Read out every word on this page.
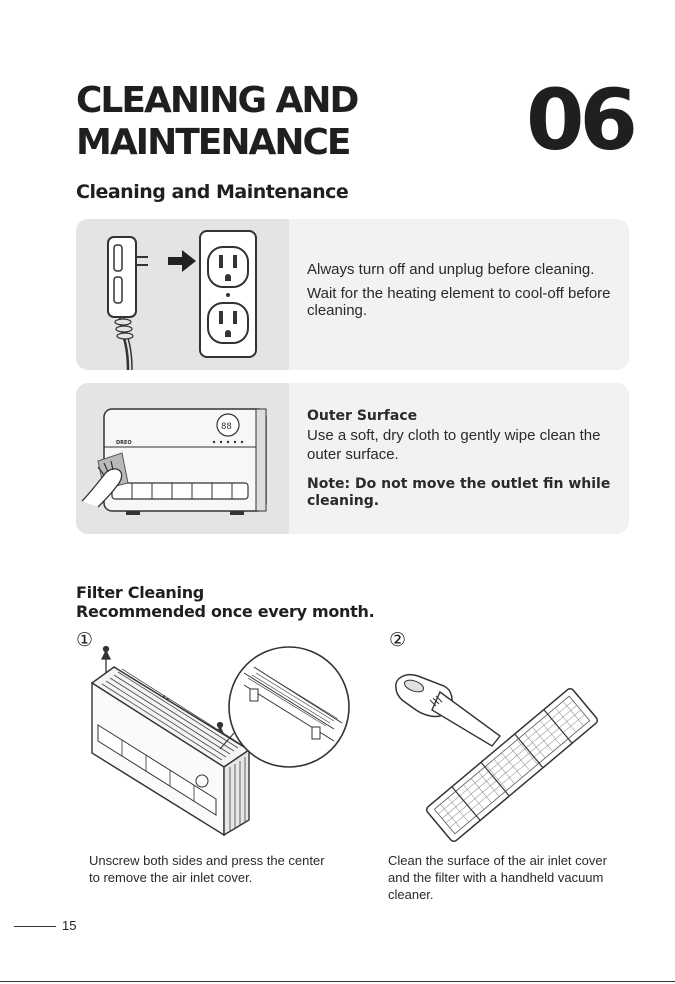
CLEANING AND
MAINTENANCE 06
Cleaning and Maintenance

Always turn off and unplug before cleaning.

Wait for the heating element to cool-off before cleaning.

88
DREO
Outer Surface
Use a soft, dry cloth to gently wipe clean the outer surface.
Note: Do not move the outlet fin while cleaning.
Filter Cleaning
Recommended once every month.
①	②
Unscrew both sides and press the center to remove the air inlet cover.
Clean the surface of the air inlet cover and the filter with a handheld vacuum cleaner.
15
